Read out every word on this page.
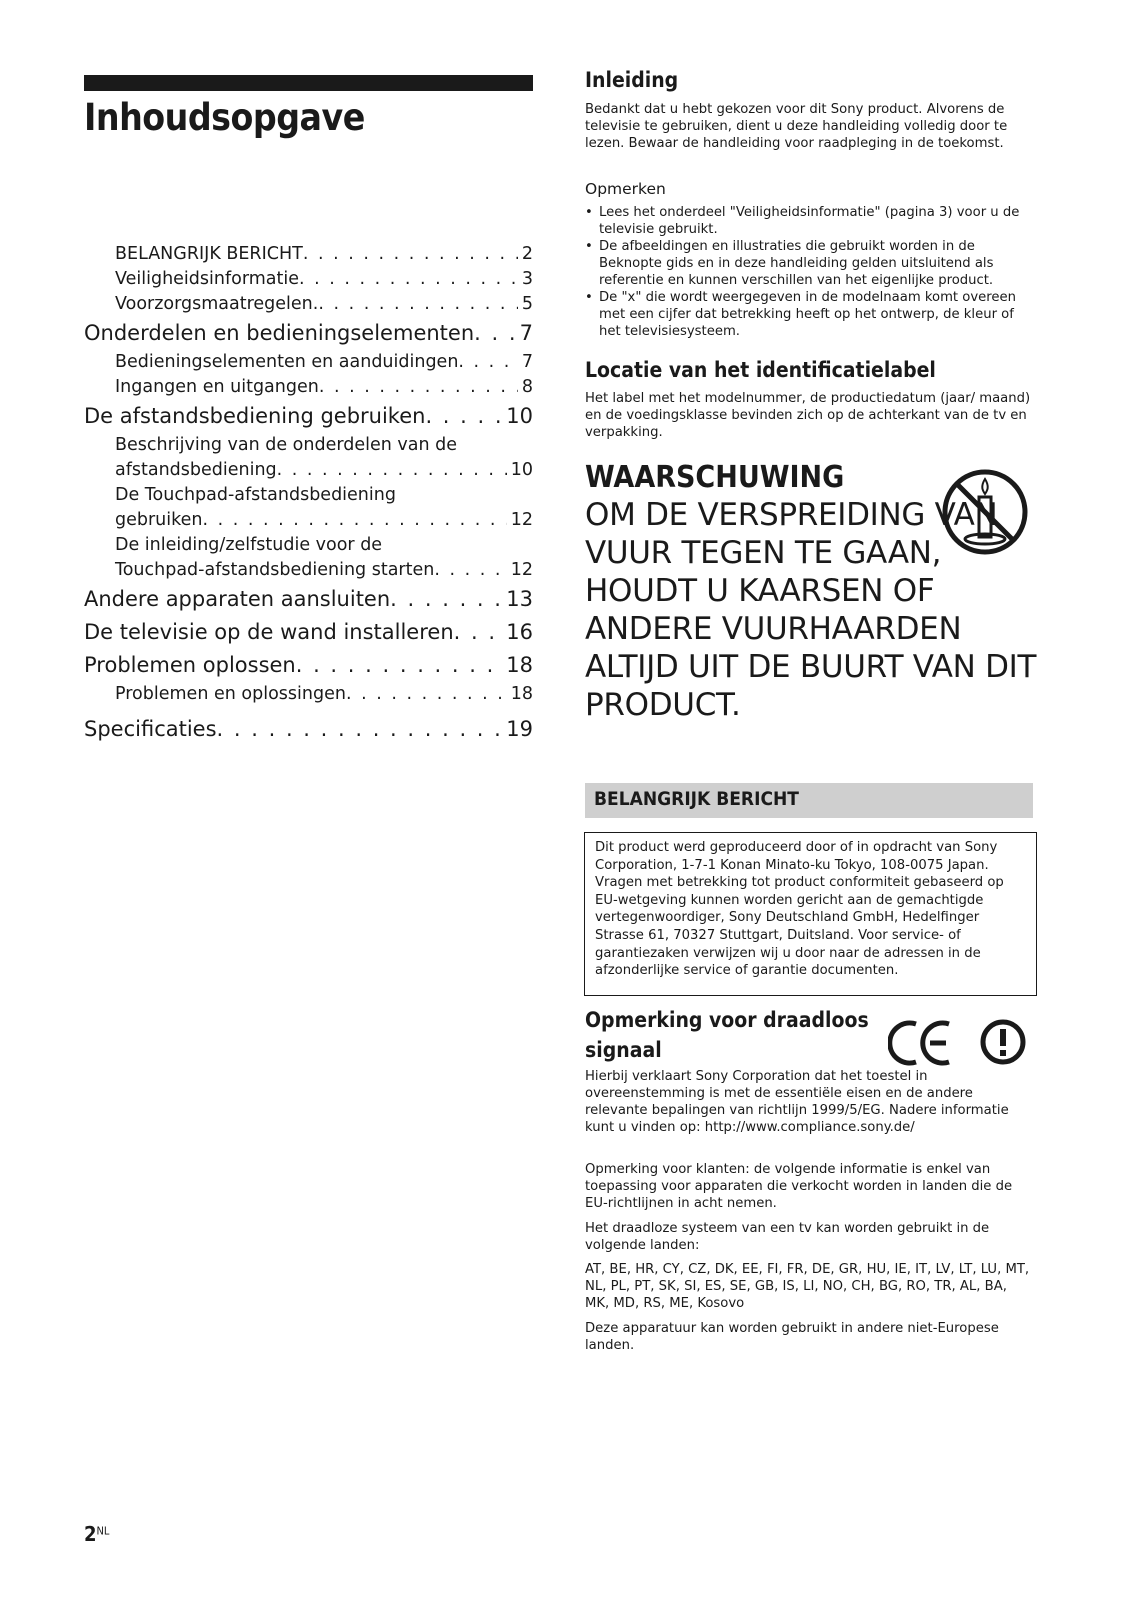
Inhoudsopgave
BELANGRIJK BERICHT . . .	2
Veiligheidsinformatie . . .	3
Voorzorgsmaatregelen. . . .	5
Onderdelen en bedieningselementen . . . 7
Bedieningselementen en aanduidingen . . .	7
Ingangen en uitgangen . . .	8
De afstandsbediening gebruiken . . .	10
Beschrijving van de onderdelen van de
afstandsbediening . . .	10
De Touchpad-afstandsbediening
gebruiken . . .	12
De inleiding/zelfstudie voor de
Touchpad-afstandsbediening starten . . .	12
Andere apparaten aansluiten . . .	13
De televisie op de wand installeren . . .	16
Problemen oplossen . . .	18
Problemen en oplossingen . . .	18
Specificaties . . .	19
Inleiding
Bedankt dat u hebt gekozen voor dit Sony product. Alvorens de televisie te gebruiken, dient u deze handleiding volledig door te lezen. Bewaar de handleiding voor raadpleging in de toekomst.
Opmerken
• Lees het onderdeel "Veiligheidsinformatie" (pagina 3) voor u de televisie gebruikt.
• De afbeeldingen en illustraties die gebruikt worden in de Beknopte gids en in deze handleiding gelden uitsluitend als referentie en kunnen verschillen van het eigenlijke product.
• De "x" die wordt weergegeven in de modelnaam komt overeen met een cijfer dat betrekking heeft op het ontwerp, de kleur of het televisiesysteem.
Locatie van het identificatielabel
Het label met het modelnummer, de productiedatum (jaar/ maand) en de voedingsklasse bevinden zich op de achterkant van de tv en verpakking.
WAARSCHUWING
OM DE VERSPREIDING VAN VUUR TEGEN TE GAAN, HOUDT U KAARSEN OF ANDERE VUURHAARDEN ALTIJD UIT DE BUURT VAN DIT PRODUCT.
BELANGRIJK BERICHT
Dit product werd geproduceerd door of in opdracht van Sony Corporation, 1-7-1 Konan Minato-ku Tokyo, 108-0075 Japan. Vragen met betrekking tot product conformiteit gebaseerd op EU-wetgeving kunnen worden gericht aan de gemachtigde vertegenwoordiger, Sony Deutschland GmbH, Hedelfinger Strasse 61, 70327 Stuttgart, Duitsland. Voor service- of garantiezaken verwijzen wij u door naar de adressen in de afzonderlijke service of garantie documenten.
Opmerking voor draadloos signaal
Hierbij verklaart Sony Corporation dat het toestel in overeenstemming is met de essentiële eisen en de andere relevante bepalingen van richtlijn 1999/5/EG. Nadere informatie kunt u vinden op: http://www.compliance.sony.de/
Opmerking voor klanten: de volgende informatie is enkel van toepassing voor apparaten die verkocht worden in landen die de EU-richtlijnen in acht nemen.
Het draadloze systeem van een tv kan worden gebruikt in de volgende landen:
AT, BE, HR, CY, CZ, DK, EE, FI, FR, DE, GR, HU, IE, IT, LV, LT, LU, MT, NL, PL, PT, SK, SI, ES, SE, GB, IS, LI, NO, CH, BG, RO, TR, AL, BA, MK, MD, RS, ME, Kosovo
Deze apparatuur kan worden gebruikt in andere niet-Europese landen.
$2^{NL}$
